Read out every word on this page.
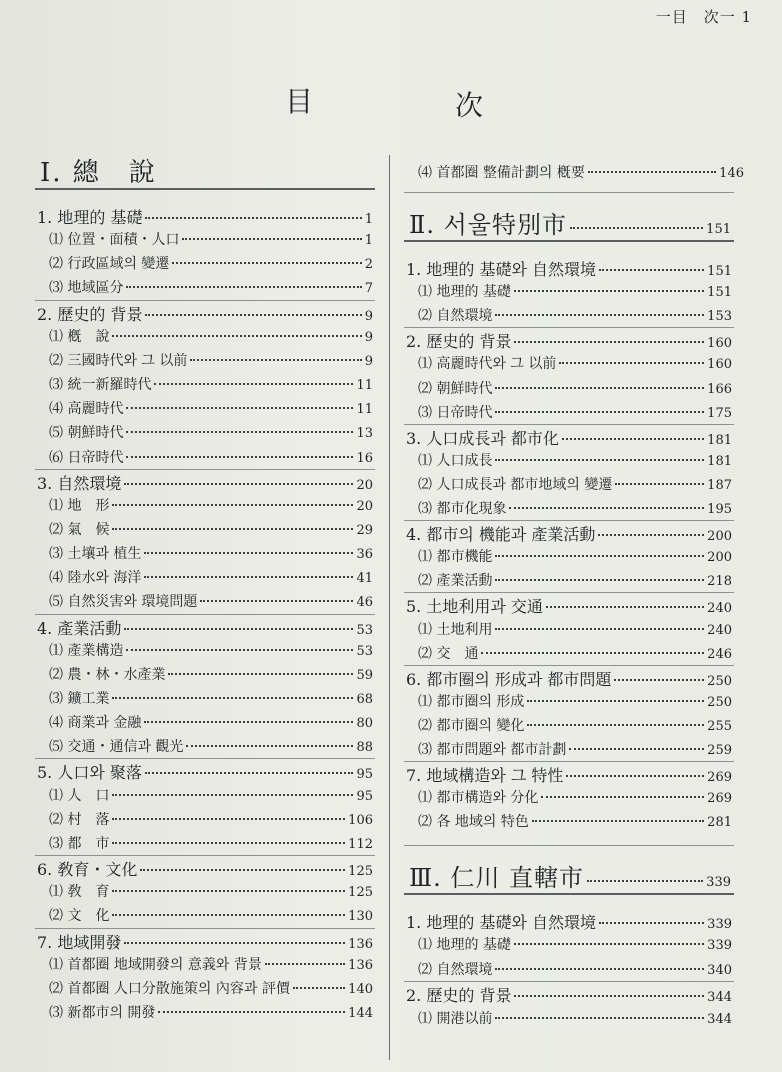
一目　次一 1
目	次
Ⅰ. 總　說
1. 地理的 基礎	1
⑴ 位置・面積・人口	1
⑵ 行政區域의 變遷	2
⑶ 地域區分	7
2. 歷史的 背景	9
⑴ 槪　說	9
⑵ 三國時代와 그 以前	9
⑶ 統一新羅時代	11
⑷ 高麗時代	11
⑸ 朝鮮時代	13
⑹ 日帝時代	16
3. 自然環境	20
⑴ 地　形	20
⑵ 氣　候	29
⑶ 土壤과 植生	36
⑷ 陸水와 海洋	41
⑸ 自然災害와 環境問題	46
4. 產業活動	53
⑴ 產業構造	53
⑵ 農・林・水產業	59
⑶ 鑛工業	68
⑷ 商業과 金融	80
⑸ 交通・通信과 觀光	88
5. 人口와 聚落	95
⑴ 人　口	95
⑵ 村　落	106
⑶ 都　市	112
6. 敎育・文化	125
⑴ 敎　育	125
⑵ 文　化	130
7. 地域開發	136
⑴ 首都圈 地域開發의 意義와 背景	136
⑵ 首都圈 人口分散施策의 內容과 評價	140
⑶ 新都市의 開發	144
⑷ 首都圈 整備計劃의 槪要	146
Ⅱ. 서울特別市	151
1. 地理的 基礎와 自然環境	151
⑴ 地理的 基礎	151
⑵ 自然環境	153
2. 歷史的 背景	160
⑴ 高麗時代와 그 以前	160
⑵ 朝鮮時代	166
⑶ 日帝時代	175
3. 人口成長과 都市化	181
⑴ 人口成長	181
⑵ 人口成長과 都市地域의 變遷	187
⑶ 都市化現象	195
4. 都市의 機能과 產業活動	200
⑴ 都市機能	200
⑵ 產業活動	218
5. 土地利用과 交通	240
⑴ 土地利用	240
⑵ 交　通	246
6. 都市圈의 形成과 都市問題	250
⑴ 都市圈의 形成	250
⑵ 都市圈의 變化	255
⑶ 都市問題와 都市計劃	259
7. 地域構造와 그 特性	269
⑴ 都市構造와 分化	269
⑵ 各 地域의 特色	281
Ⅲ. 仁川 直轄市	339
1. 地理的 基礎와 自然環境	339
⑴ 地理的 基礎	339
⑵ 自然環境	340
2. 歷史的 背景	344
⑴ 開港以前	344
